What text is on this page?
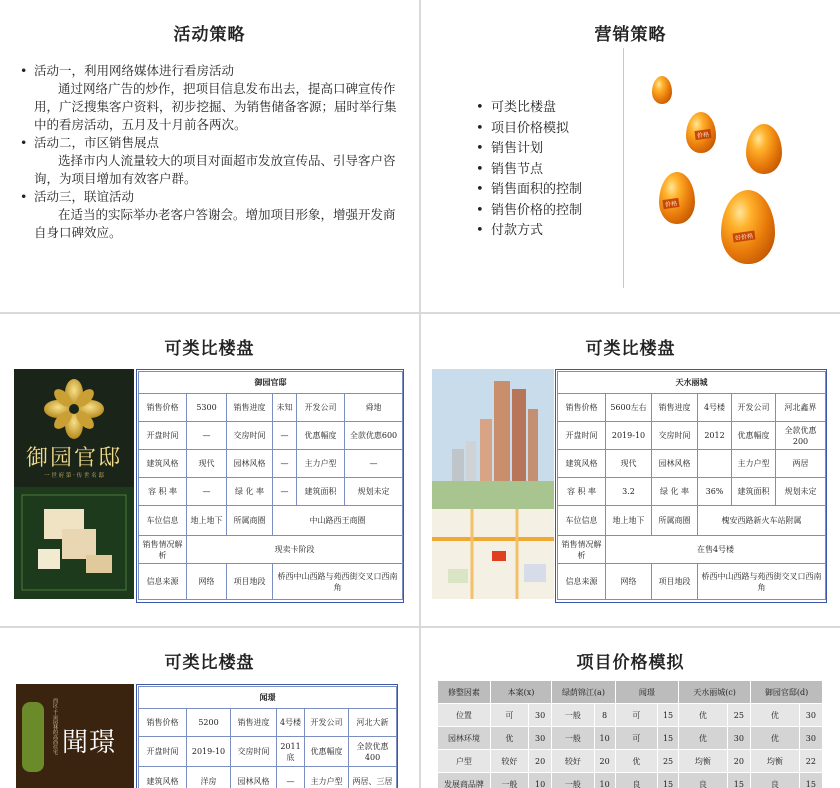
活动策略
• 活动一，利用网络媒体进行看房活动
通过网络广告的炒作，把项目信息发布出去，提高口碑宣传作用，广泛搜集客户资料，初步挖掘、为销售储备客源；届时举行集中的看房活动，五月及十月前各两次。
• 活动二，市区销售展点
选择市内人流量较大的项目对面超市发放宣传品、引导客户咨询，为项目增加有效客户群。
• 活动三，联谊活动
在适当的实际举办老客户答谢会。增加项目形象，增强开发商自身口碑效应。
营销策略
• 可类比楼盘
• 项目价格模拟
• 销售计划
• 销售节点
• 销售面积的控制
• 销售价格的控制
• 付款方式
价格
价格
好价格
可类比楼盘
御园官邸
一 世 府 第 · 传 世 名 邸
御园官邸					
销售价格	5300	销售进度	未知	开发公司	舜地
开盘时间	—	交房时间	—	优惠幅度	全款优惠600
建筑风格	现代	园林风格	—	主力户型	—
容 积 率	—	绿 化 率	—	建筑面积	规划未定
车位信息	地上地下	所属商圈	中山路西王商圈		
销售情况解析	现卖卡阶段				
信息来源	网络	项目地段	桥西中山西路与苑西街交叉口西南角		
可类比楼盘
天水丽城					
销售价格	5600左右	销售进度	4号楼	开发公司	河北鑫界
开盘时间	2019-10	交房时间	2012	优惠幅度	全款优惠200
建筑风格	现代	园林风格		主力户型	两居
容 积 率	3.2	绿 化 率	36%	建筑面积	规划未定
车位信息	地上地下	所属商圈	槐安西路新火车站附属		
销售情况解析	在售4号楼				
信息来源	网络	项目地段	桥西中山西路与苑西街交叉口西南角		
可类比楼盘
西区·千亩园林的高尚住宅 聞璟
闻璟					
销售价格	5200	销售进度	4号楼	开发公司	河北大新
开盘时间	2019-10	交房时间	2011底	优惠幅度	全款优惠400
建筑风格	洋房	园林风格	—	主力户型	两居、三居
项目价格模拟
修整因素	本案(x)		绿荫锦江(a)		闻璟		天水丽城(c)		御园官邸(d)	
位置	可	30	一般	8	可	15	优	25	优	30
园林环境	优	30	一般	10	可	15	优	30	优	30
户型	较好	20	较好	20	优	25	均衡	20	均衡	22
发展商品牌	一般	10	一般	10	良	15	良	15	良	15
